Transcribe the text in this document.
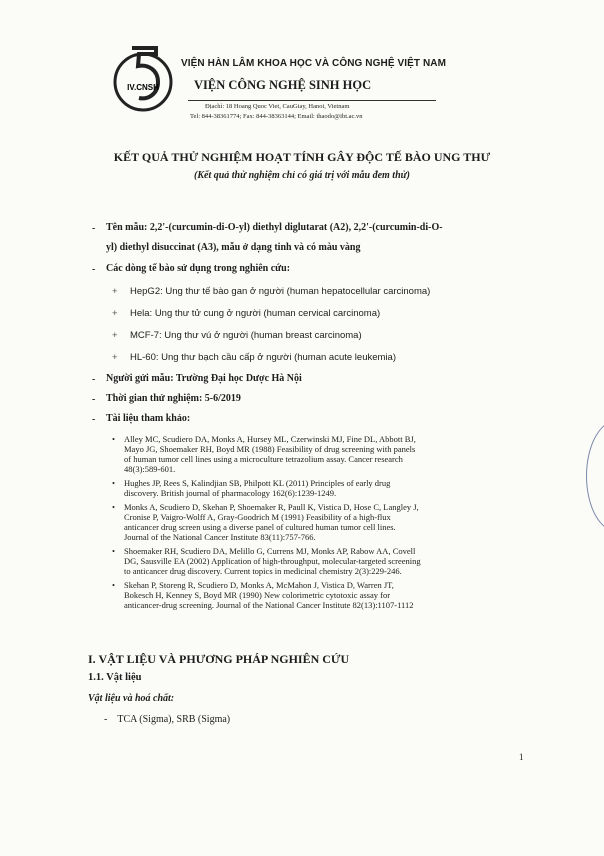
IV.CNSH
VIỆN HÀN LÂM KHOA HỌC VÀ CÔNG NGHỆ VIỆT NAM
VIỆN CÔNG NGHỆ SINH HỌC
Địachỉ: 18 Hoang Quoc Viet, CauGiay, Hanoi, Vietnam
Tel: 844-38361774; Fax: 844-38363144; Email: thaodo@ibt.ac.vn
KẾT QUẢ THỬ NGHIỆM HOẠT TÍNH GÂY ĐỘC TẾ BÀO UNG THƯ
(Kết quả thử nghiệm chỉ có giá trị với mẫu đem thử)
- Tên mẫu: 2,2'-(curcumin-di-O-yl) diethyl diglutarat (A2), 2,2'-(curcumin-di-O-
yl) diethyl disuccinat (A3), mẫu ở dạng tinh và có màu vàng
- Các dòng tế bào sử dụng trong nghiên cứu:
+ HepG2: Ung thư tế bào gan ở người (human hepatocellular carcinoma)
+ Hela: Ung thư tử cung ở người (human cervical carcinoma)
+ MCF-7: Ung thư vú ở người (human breast carcinoma)
+ HL-60: Ung thư bạch cầu cấp ở người (human acute leukemia)
- Người gửi mẫu: Trường Đại học Dược Hà Nội
- Thời gian thử nghiệm: 5-6/2019
- Tài liệu tham khảo:
• Alley MC, Scudiero DA, Monks A, Hursey ML, Czerwinski MJ, Fine DL, Abbott BJ,
Mayo JG, Shoemaker RH, Boyd MR (1988) Feasibility of drug screening with panels
of human tumor cell lines using a microculture tetrazolium assay. Cancer research
48(3):589-601.
• Hughes JP, Rees S, Kalindjian SB, Philpott KL (2011) Principles of early drug
discovery. British journal of pharmacology 162(6):1239-1249.
• Monks A, Scudiero D, Skehan P, Shoemaker R, Paull K, Vistica D, Hose C, Langley J,
Cronise P, Vaigro-Wolff A, Gray-Goodrich M (1991) Feasibility of a high-flux
anticancer drug screen using a diverse panel of cultured human tumor cell lines.
Journal of the National Cancer Institute 83(11):757-766.
• Shoemaker RH, Scudiero DA, Melillo G, Currens MJ, Monks AP, Rabow AA, Covell
DG, Sausville EA (2002) Application of high-throughput, molecular-targeted screening
to anticancer drug discovery. Current topics in medicinal chemistry 2(3):229-246.
• Skehan P, Storeng R, Scudiero D, Monks A, McMahon J, Vistica D, Warren JT,
Bokesch H, Kenney S, Boyd MR (1990) New colorimetric cytotoxic assay for
anticancer-drug screening. Journal of the National Cancer Institute 82(13):1107-1112
I. VẬT LIỆU VÀ PHƯƠNG PHÁP NGHIÊN CỨU
1.1. Vật liệu
Vật liệu và hoá chất:
-    TCA (Sigma), SRB (Sigma)
1
